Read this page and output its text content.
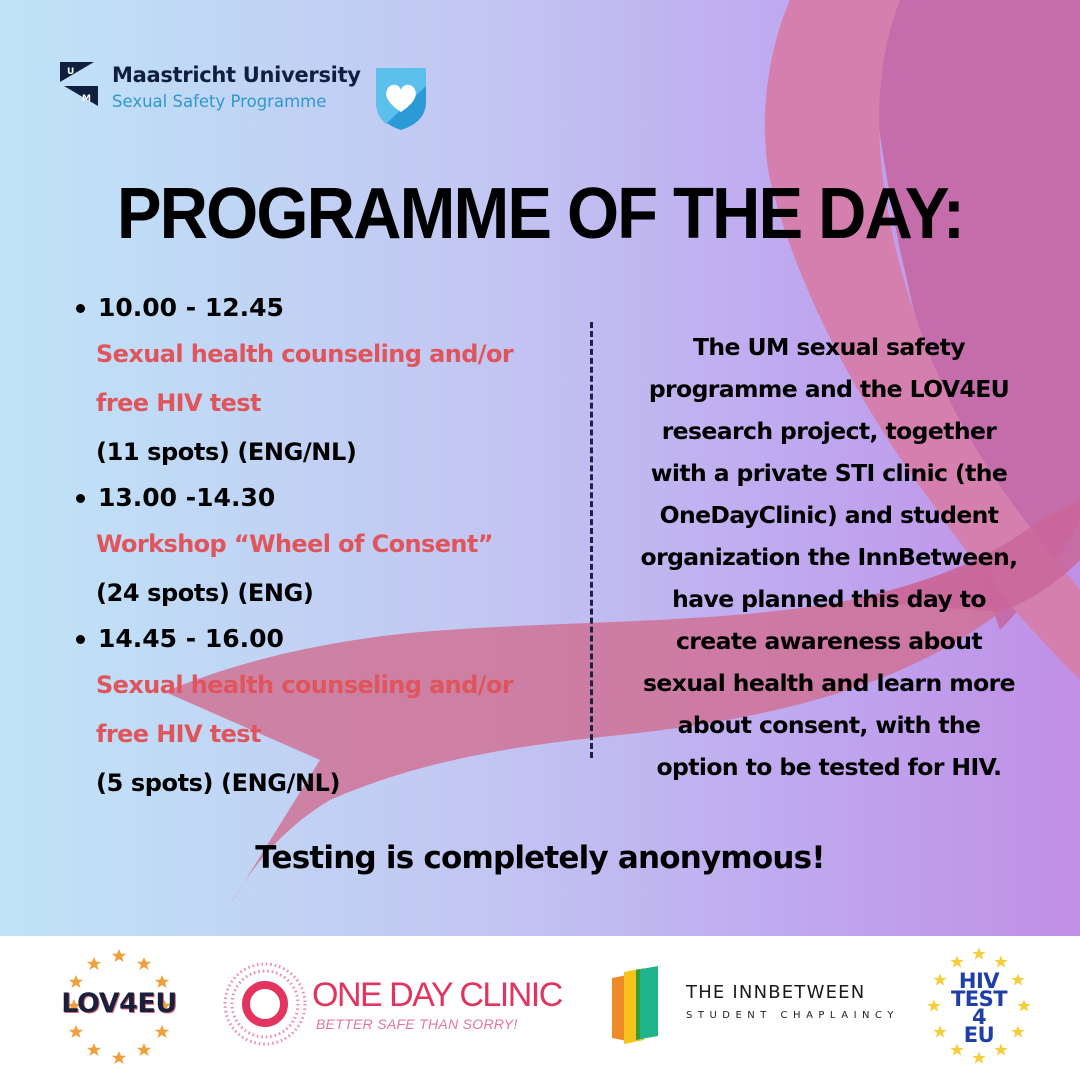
U
M
Maastricht University
Sexual Safety Programme
PROGRAMME OF THE DAY:
10.00 - 12.45
Sexual health counseling and/or
free HIV test
(11 spots) (ENG/NL)
13.00 -14.30
Workshop “Wheel of Consent”
(24 spots) (ENG)
14.45 - 16.00
Sexual health counseling and/or
free HIV test
(5 spots) (ENG/NL)
The UM sexual safety
programme and the LOV4EU
research project, together
with a private STI clinic (the
OneDayClinic) and student
organization the InnBetween,
have planned this day to
create awareness about
sexual health and learn more
about consent, with the
option to be tested for HIV.
Testing is completely anonymous!
LOV4EU	ONE DAY CLINIC
BETTER SAFE THAN SORRY!
THE INNBETWEEN
STUDENT CHAPLAINCY
HIV
TEST
4
EU
